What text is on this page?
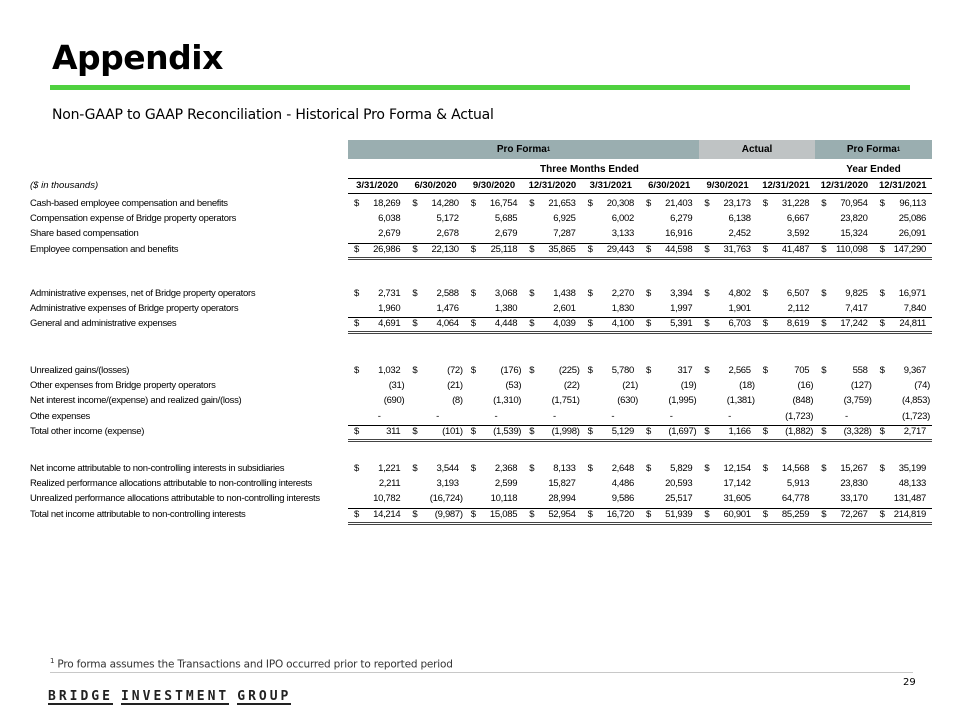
Appendix
Non-GAAP to GAAP Reconciliation - Historical Pro Forma & Actual
Pro Forma 1	Actual	Pro Forma 1
Three Months Ended	Year Ended
($ in thousands)	3/31/2020	6/30/2020	9/30/2020	12/31/2020	3/31/2021	6/30/2021	9/30/2021	12/31/2021	12/31/2020	12/31/2021
Cash-based employee compensation and benefits	$	18,269 $	14,280 $	16,754 $	21,653 $	20,308 $	21,403 $	23,173 $	31,228 $	70,954 $	96,113
Compensation expense of Bridge property operators	6,038	5,172	5,685	6,925	6,002	6,279	6,138	6,667	23,820	25,086
Share based compensation	2,679	2,678	2,679	7,287	3,133	16,916	2,452	3,592	15,324	26,091
Employee compensation and benefits	$	26,986 $	22,130 $	25,118 $	35,865 $	29,443 $	44,598 $	31,763 $	41,487 $	110,098 $ 147,290
Administrative expenses, net of Bridge property operators	$	2,731 $	2,588 $	3,068 $	1,438 $	2,270 $	3,394 $	4,802 $	6,507 $	9,825 $	16,971
Administrative expenses of Bridge property operators	1,960	1,476	1,380	2,601	1,830	1,997	1,901	2,112	7,417	7,840
General and administrative expenses	$	4,691 $	4,064 $	4,448 $	4,039 $	4,100 $	5,391 $	6,703 $	8,619 $	17,242 $	24,811
Unrealized gains/(losses)	$	1,032 $	(72) $	(176) $	(225) $	5,780 $	317 $	2,565 $	705 $	558 $	9,367
Other expenses from Bridge property operators	(31)	(21)	(53)	(22)	(21)	(19)	(18)	(16)	(127)	(74)
Net interest income/(expense) and realized gain/(loss)	(690)	(8)	(1,310)	(1,751)	(630)	(1,995)	(1,381)	(848)	(3,759)	(4,853)
Othe expenses	-	-	-	-	-	-	-	(1,723)	-	(1,723)
Total other income (expense)	$	311 $	(101) $	(1,539) $	(1,998) $	5,129 $	(1,697) $	1,166 $	(1,882) $	(3,328) $	2,717
Net income attributable to non-controlling interests in subsidiaries	$	1,221 $	3,544 $	2,368 $	8,133 $	2,648 $	5,829 $	12,154 $	14,568 $	15,267 $	35,199
Realized performance allocations attributable to non-controlling interests	2,211	3,193	2,599	15,827	4,486	20,593	17,142	5,913	23,830	48,133
Unrealized performance allocations attributable to non-controlling interests	10,782	(16,724)	10,118	28,994	9,586	25,517	31,605	64,778	33,170	131,487
Total net income attributable to non-controlling interests	$	14,214 $	(9,987) $	15,085 $	52,954 $	16,720 $	51,939 $	60,901 $	85,259 $	72,267 $ 214,819
$^1$ Pro forma assumes the Transactions and IPO occurred prior to reported period
29
BRIDGE INVESTMENT GROUP
